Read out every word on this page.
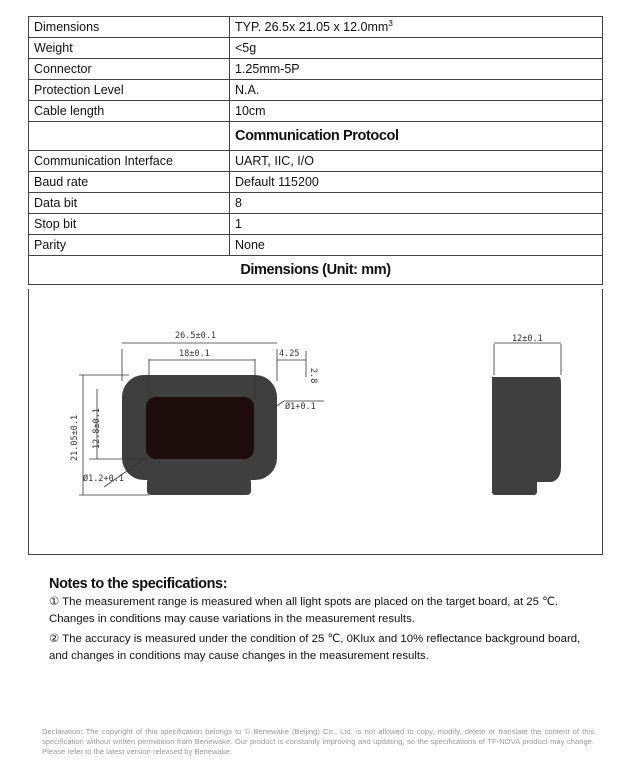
Dimensions	TYP. 26.5x 21.05 x $12.0mm^3$
Weight	<5g
Connector	1.25mm-5P
Protection Level	N.A.
Cable length	10cm
	Communication Protocol
Communication Interface	UART, IIC, I/O
Baud rate	Default 115200
Data bit	8
Stop bit	1
Parity	None
Dimensions (Unit: mm)	
26.5±0.1
18±0.1	4.25
2.8
21.05±0.1 12.8±0.1
Ø1+0.1
Ø1.2+0.1
12±0.1
Notes to the specifications:
① The measurement range is measured when all light spots are placed on the target board, at 25 ℃. Changes in conditions may cause variations in the measurement results.
② The accuracy is measured under the condition of 25 ℃, 0Klux and 10% reflectance background board, and changes in conditions may cause changes in the measurement results.
Declaration: The copyright of this specification belongs to © Benewake (Beijing) Co., Ltd. is not allowed to copy, modify, delete or translate the content of this specification without written permission from Benewake. Our product is constantly improving and updating, so the specifications of TF-NOVA product may change. Please refer to the latest version released by Benewake.
